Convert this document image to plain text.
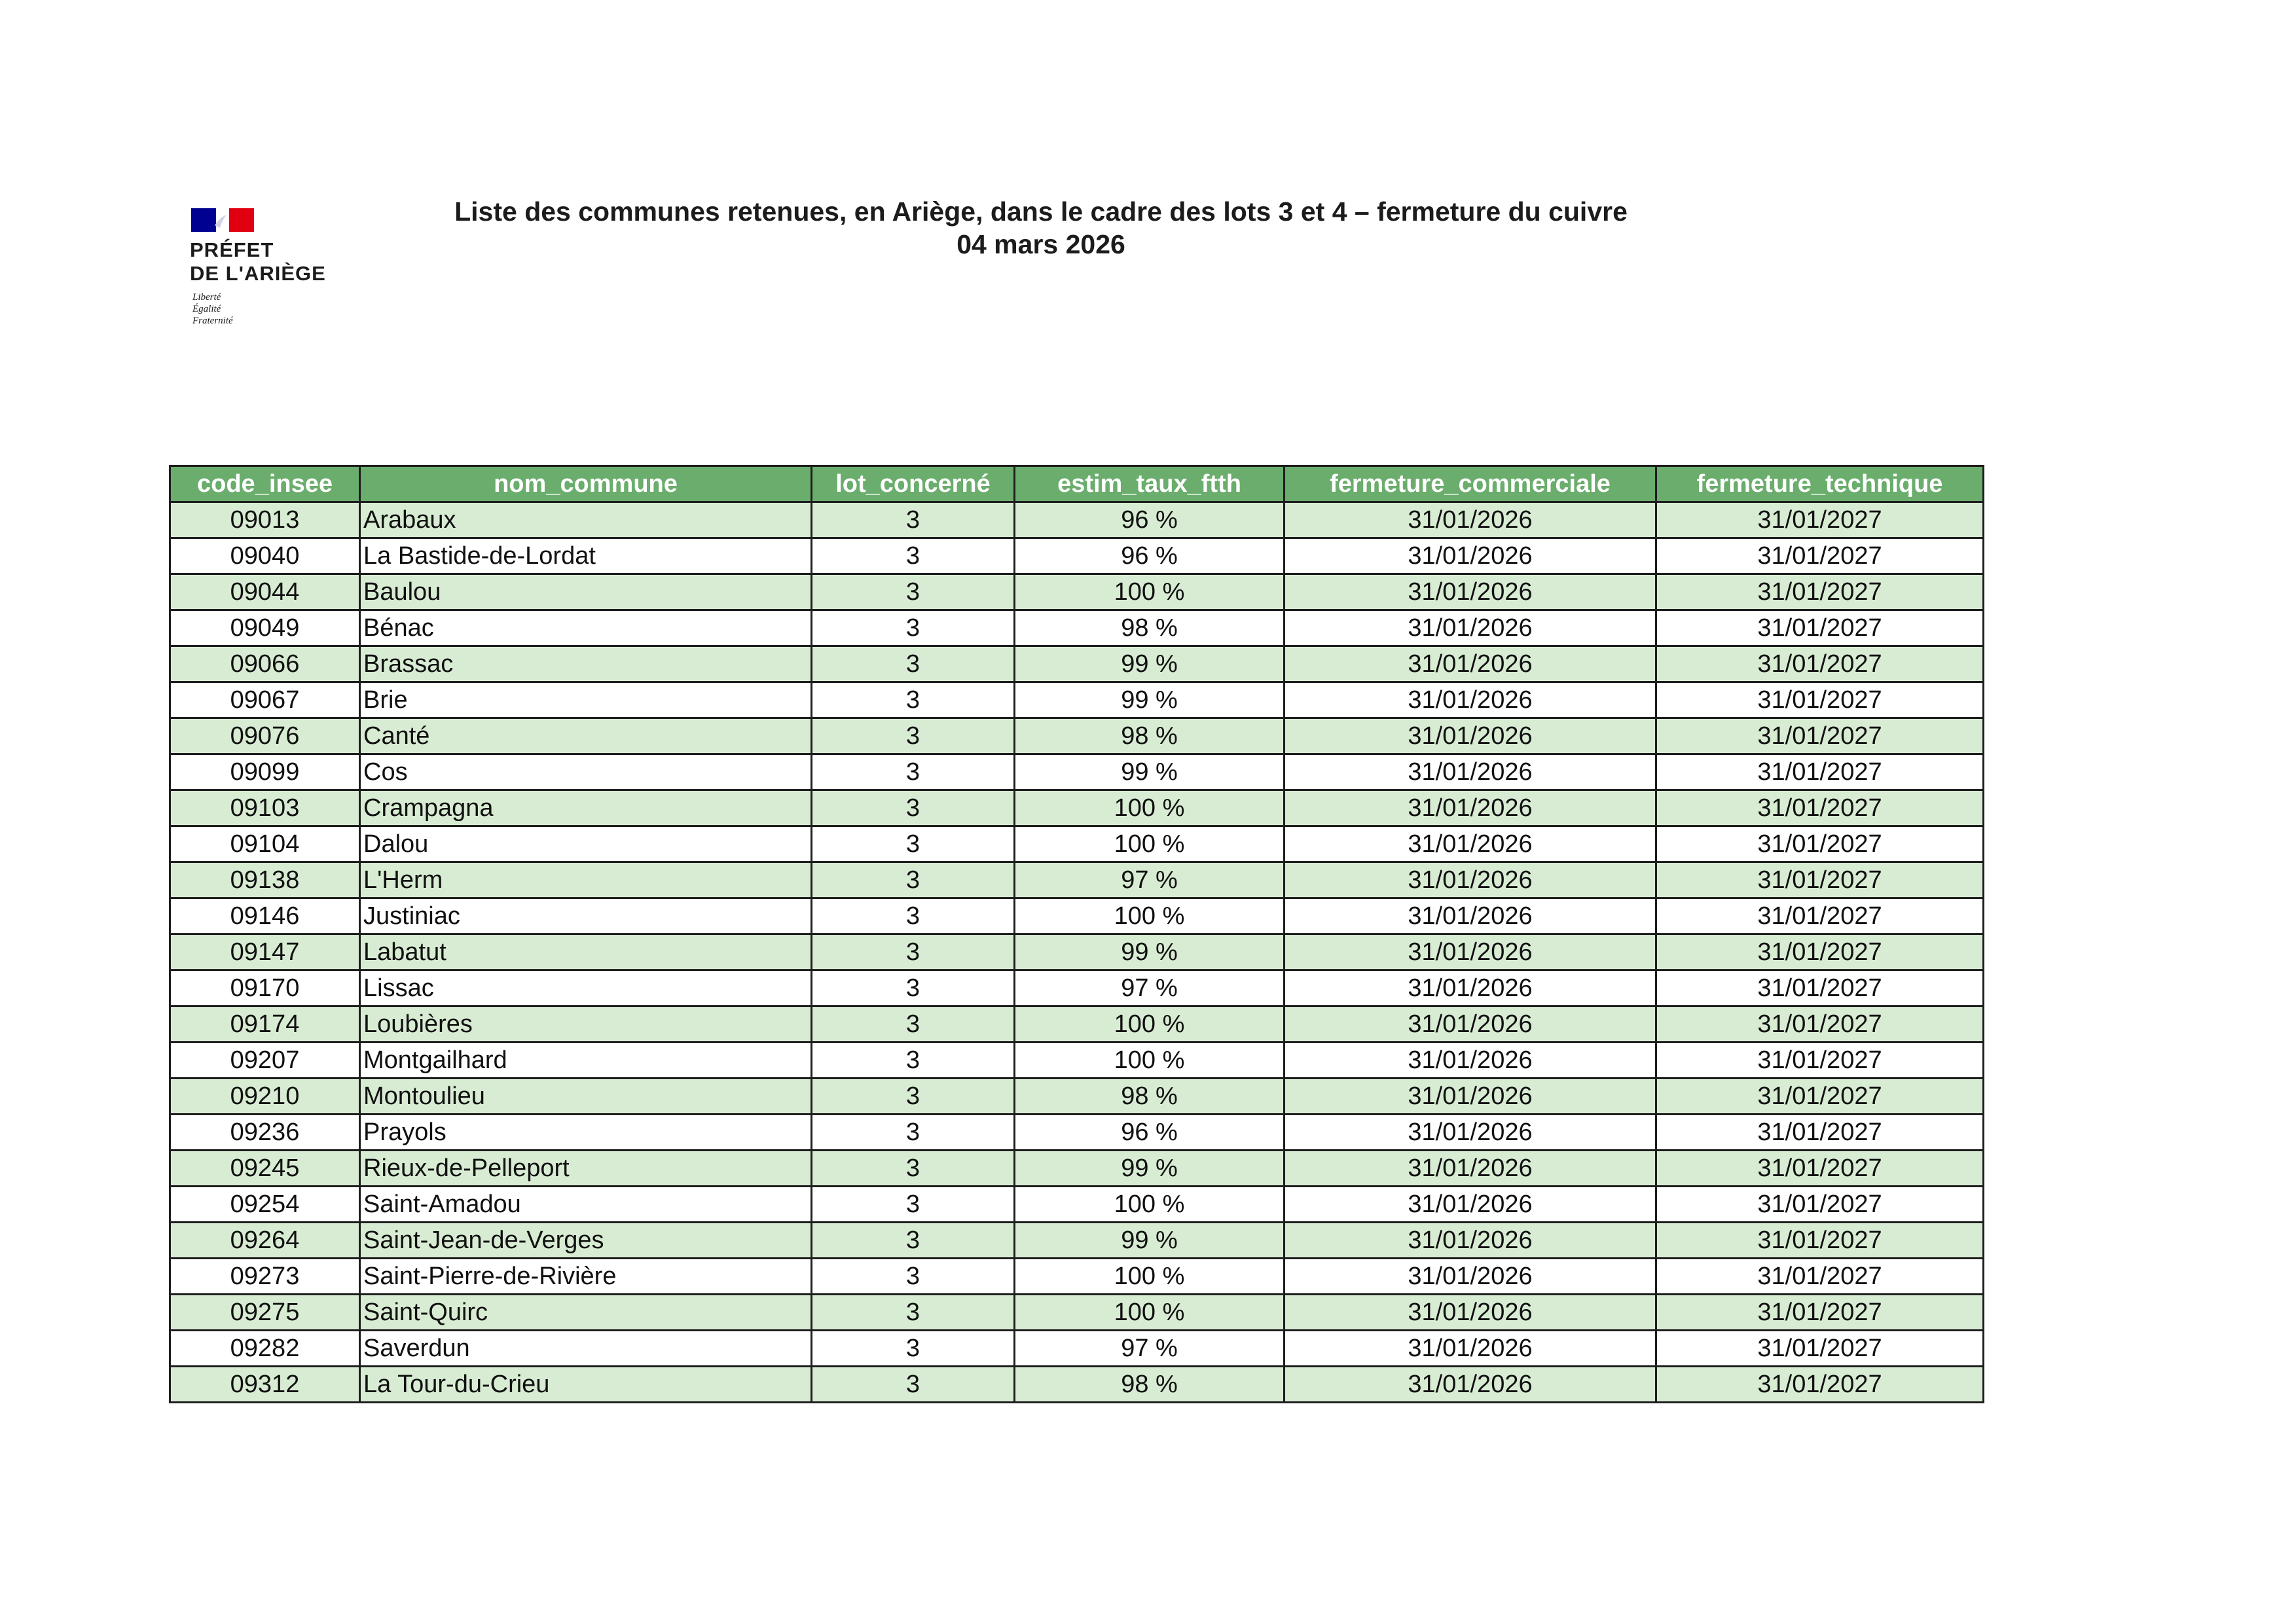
PRÉFET
DE L'ARIÈGE
Liberté
Égalité
Fraternité
Liste des communes retenues, en Ariège, dans le cadre des lots 3 et 4 – fermeture du cuivre
04 mars 2026
code_insee	nom_commune	lot_concerné	estim_taux_ftth	fermeture_commerciale	fermeture_technique
09013	Arabaux	3	96 %	31/01/2026	31/01/2027
09040	La Bastide-de-Lordat	3	96 %	31/01/2026	31/01/2027
09044	Baulou	3	100 %	31/01/2026	31/01/2027
09049	Bénac	3	98 %	31/01/2026	31/01/2027
09066	Brassac	3	99 %	31/01/2026	31/01/2027
09067	Brie	3	99 %	31/01/2026	31/01/2027
09076	Canté	3	98 %	31/01/2026	31/01/2027
09099	Cos	3	99 %	31/01/2026	31/01/2027
09103	Crampagna	3	100 %	31/01/2026	31/01/2027
09104	Dalou	3	100 %	31/01/2026	31/01/2027
09138	L'Herm	3	97 %	31/01/2026	31/01/2027
09146	Justiniac	3	100 %	31/01/2026	31/01/2027
09147	Labatut	3	99 %	31/01/2026	31/01/2027
09170	Lissac	3	97 %	31/01/2026	31/01/2027
09174	Loubières	3	100 %	31/01/2026	31/01/2027
09207	Montgailhard	3	100 %	31/01/2026	31/01/2027
09210	Montoulieu	3	98 %	31/01/2026	31/01/2027
09236	Prayols	3	96 %	31/01/2026	31/01/2027
09245	Rieux-de-Pelleport	3	99 %	31/01/2026	31/01/2027
09254	Saint-Amadou	3	100 %	31/01/2026	31/01/2027
09264	Saint-Jean-de-Verges	3	99 %	31/01/2026	31/01/2027
09273	Saint-Pierre-de-Rivière	3	100 %	31/01/2026	31/01/2027
09275	Saint-Quirc	3	100 %	31/01/2026	31/01/2027
09282	Saverdun	3	97 %	31/01/2026	31/01/2027
09312	La Tour-du-Crieu	3	98 %	31/01/2026	31/01/2027
